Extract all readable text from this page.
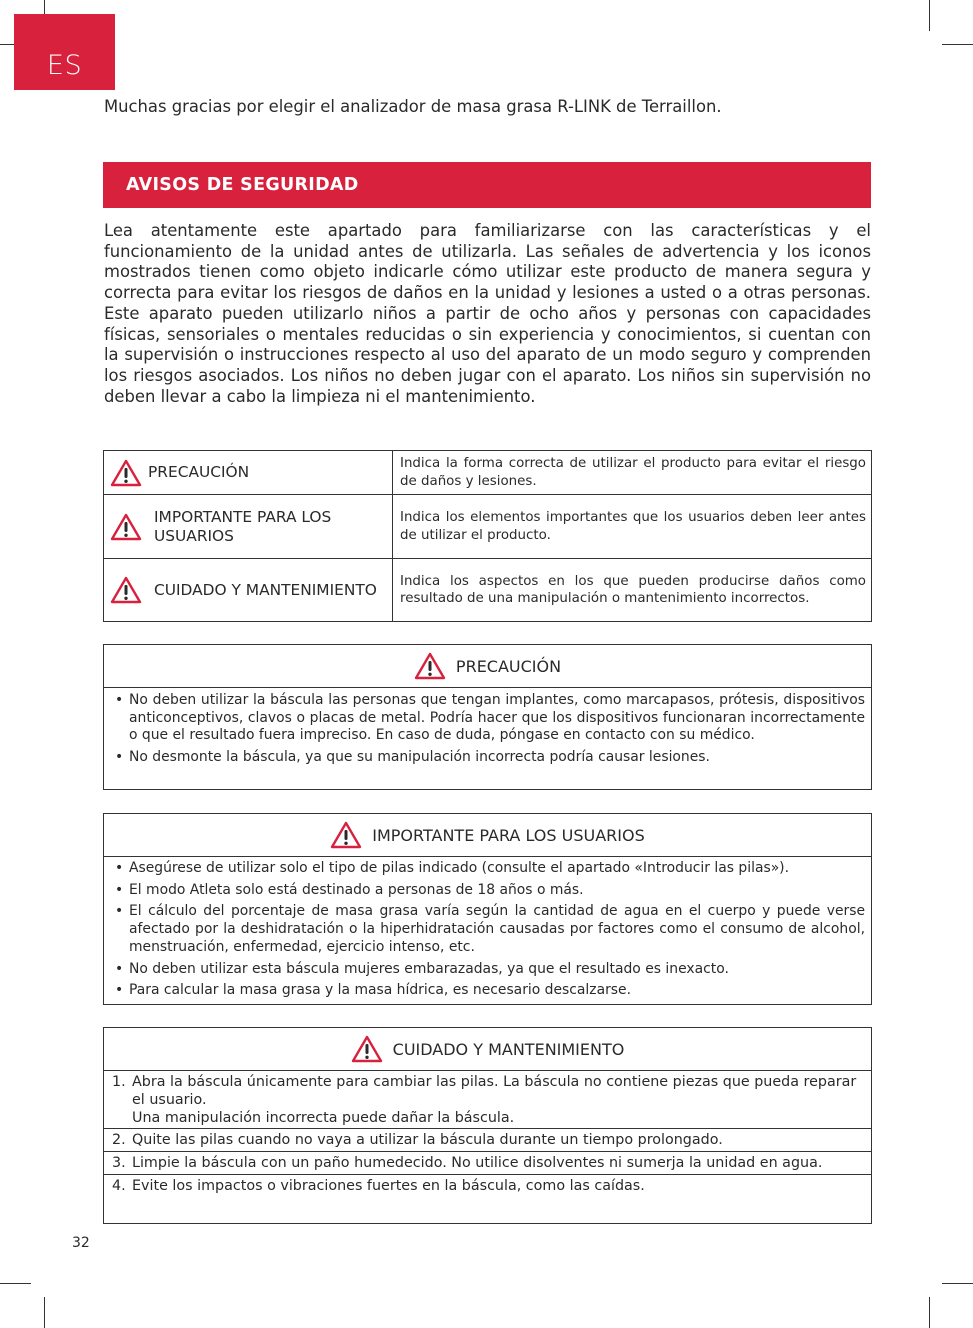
ES
Muchas gracias por elegir el analizador de masa grasa R-LINK de Terraillon.
AVISOS DE SEGURIDAD
Lea atentamente este apartado para familiarizarse con las características y el funcionamiento de la unidad antes de utilizarla. Las señales de advertencia y los iconos mostrados tienen como objeto indicarle cómo utilizar este producto de manera segura y correcta para evitar los riesgos de daños en la unidad y lesiones a usted o a otras personas. Este aparato pueden utilizarlo niños a partir de ocho años y personas con capacidades físicas, sensoriales o mentales reducidas o sin experiencia y conocimientos, si cuentan con la supervisión o instrucciones respecto al uso del aparato de un modo seguro y comprenden los riesgos asociados. Los niños no deben jugar con el aparato. Los niños sin supervisión no deben llevar a cabo la limpieza ni el mantenimiento.
PRECAUCIÓN	Indica la forma correcta de utilizar el producto para evitar el riesgo de daños y lesiones.

IMPORTANTE PARA LOS USUARIOS	Indica los elementos importantes que los usuarios deben leer antes de utilizar el producto.

CUIDADO Y MANTENIMIENTO	Indica los aspectos en los que pueden producirse daños como resultado de una manipulación o mantenimiento incorrectos.
PRECAUCIÓN
• No deben utilizar la báscula las personas que tengan implantes, como marcapasos, prótesis, dispositivos anticonceptivos, clavos o placas de metal. Podría hacer que los dispositivos funcionaran incorrectamente o que el resultado fuera impreciso. En caso de duda, póngase en contacto con su médico.
• No desmonte la báscula, ya que su manipulación incorrecta podría causar lesiones.
IMPORTANTE PARA LOS USUARIOS
• Asegúrese de utilizar solo el tipo de pilas indicado (consulte el apartado «Introducir las pilas»).
• El modo Atleta solo está destinado a personas de 18 años o más.
• El cálculo del porcentaje de masa grasa varía según la cantidad de agua en el cuerpo y puede verse afectado por la deshidratación o la hiperhidratación causadas por factores como el consumo de alcohol, menstruación, enfermedad, ejercicio intenso, etc.
• No deben utilizar esta báscula mujeres embarazadas, ya que el resultado es inexacto.
• Para calcular la masa grasa y la masa hídrica, es necesario descalzarse.
CUIDADO Y MANTENIMIENTO
1. Abra la báscula únicamente para cambiar las pilas. La báscula no contiene piezas que pueda reparar el usuario.
Una manipulación incorrecta puede dañar la báscula.

2. Quite las pilas cuando no vaya a utilizar la báscula durante un tiempo prolongado.

3. Limpie la báscula con un paño humedecido. No utilice disolventes ni sumerja la unidad en agua.

4. Evite los impactos o vibraciones fuertes en la báscula, como las caídas.
32
